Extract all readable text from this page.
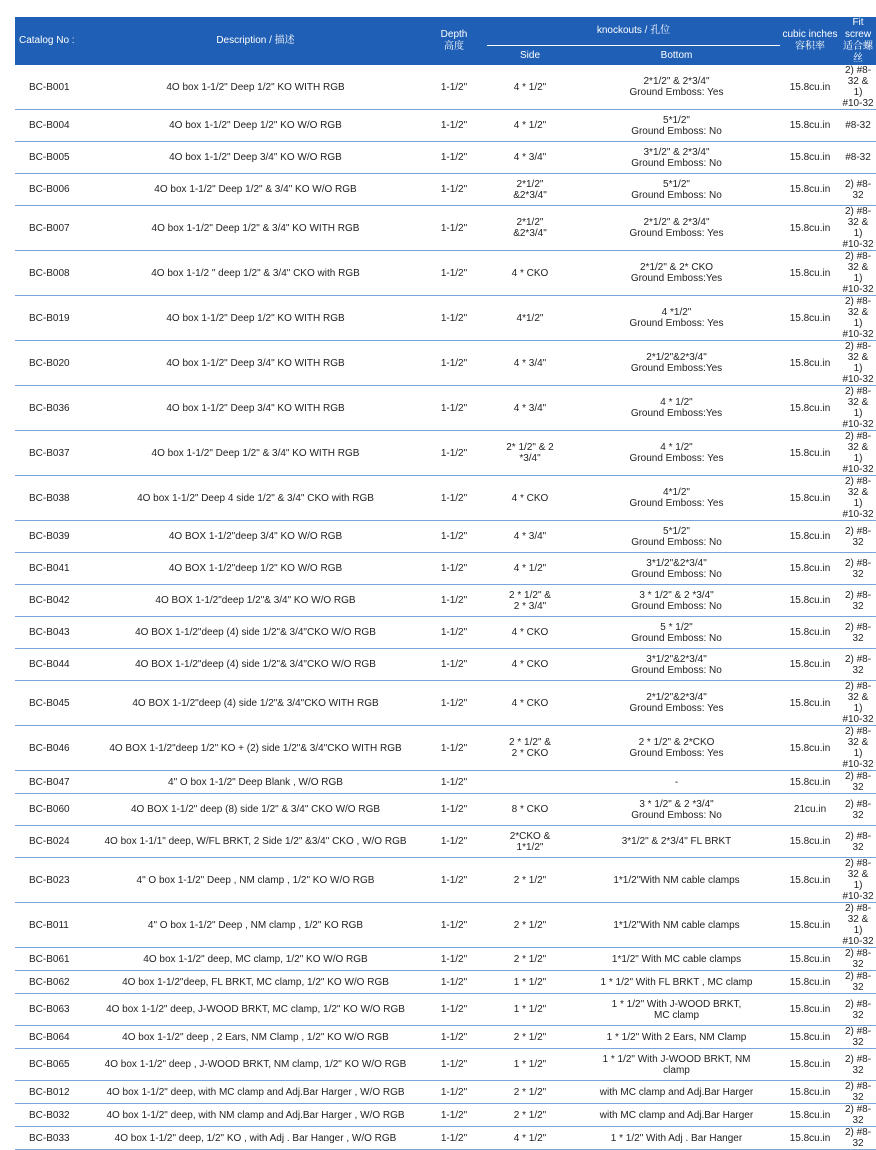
Catalog No :	Description / 描述	Depth
高度	knockouts / 孔位		cubic inches
容积率	Fit screw
适合螺丝

			Side	Bottom		
BC-B001	4O box 1-1/2" Deep 1/2" KO WITH RGB	1-1/2"	4 * 1/2"	2*1/2" & 2*3/4"
Ground Emboss: Yes	15.8cu.in	2) #8-32 & 1)
#10-32

BC-B004	4O box 1-1/2" Deep 1/2" KO W/O RGB	1-1/2"	4 * 1/2"	5*1/2"
Ground Emboss: No	15.8cu.in	#8-32

BC-B005	4O box 1-1/2" Deep 3/4" KO W/O RGB	1-1/2"	4 * 3/4"	3*1/2" & 2*3/4"
Ground Emboss: No	15.8cu.in	#8-32

BC-B006	4O box 1-1/2" Deep 1/2" & 3/4" KO W/O RGB	1-1/2"	2*1/2"
&2*3/4"	5*1/2"
Ground Emboss: No	15.8cu.in	2) #8-32

BC-B007	4O box 1-1/2" Deep 1/2" & 3/4" KO WITH RGB	1-1/2"	2*1/2"
&2*3/4"	2*1/2" & 2*3/4"
Ground Emboss: Yes	15.8cu.in	2) #8-32 & 1)
#10-32

BC-B008	4O box 1-1/2 " deep 1/2" & 3/4" CKO with RGB	1-1/2"	4 * CKO	2*1/2" & 2* CKO
Ground Emboss:Yes	15.8cu.in	2) #8-32 & 1)
#10-32

BC-B019	4O box 1-1/2" Deep 1/2" KO WITH RGB	1-1/2"	4*1/2"	4 *1/2"
Ground Emboss: Yes	15.8cu.in	2) #8-32 & 1)
#10-32

BC-B020	4O box 1-1/2" Deep 3/4" KO WITH RGB	1-1/2"	4 * 3/4"	2*1/2"&2*3/4"
Ground Emboss:Yes	15.8cu.in	2) #8-32 & 1)
#10-32

BC-B036	4O box 1-1/2" Deep 3/4" KO WITH RGB	1-1/2"	4 * 3/4"	4 * 1/2"
Ground Emboss:Yes	15.8cu.in	2) #8-32 & 1)
#10-32

BC-B037	4O box 1-1/2" Deep 1/2" & 3/4" KO WITH RGB	1-1/2"	2* 1/2" & 2
*3/4"	4 * 1/2"
Ground Emboss: Yes	15.8cu.in	2) #8-32 & 1)
#10-32

BC-B038	4O box 1-1/2" Deep 4 side 1/2" & 3/4" CKO with RGB	1-1/2"	4 * CKO	4*1/2"
Ground Emboss: Yes	15.8cu.in	2) #8-32 & 1)
#10-32

BC-B039	4O BOX 1-1/2"deep 3/4" KO W/O RGB	1-1/2"	4 * 3/4"	5*1/2"
Ground Emboss: No	15.8cu.in	2) #8-32

BC-B041	4O BOX 1-1/2"deep 1/2" KO W/O RGB	1-1/2"	4 * 1/2"	3*1/2"&2*3/4"
Ground Emboss: No	15.8cu.in	2) #8-32

BC-B042	4O BOX 1-1/2"deep 1/2"& 3/4" KO W/O RGB	1-1/2"	2 * 1/2" &
2 * 3/4"	3 * 1/2" & 2 *3/4"
Ground Emboss: No	15.8cu.in	2) #8-32

BC-B043	4O BOX 1-1/2"deep (4) side 1/2"& 3/4"CKO W/O RGB	1-1/2"	4 * CKO	5 * 1/2"
Ground Emboss: No	15.8cu.in	2) #8-32

BC-B044	4O BOX 1-1/2"deep (4) side 1/2"& 3/4"CKO W/O RGB	1-1/2"	4 * CKO	3*1/2"&2*3/4"
Ground Emboss: No	15.8cu.in	2) #8-32

BC-B045	4O BOX 1-1/2"deep (4) side 1/2"& 3/4"CKO WITH RGB	1-1/2"	4 * CKO	2*1/2"&2*3/4"
Ground Emboss: Yes	15.8cu.in	2) #8-32 & 1)
#10-32

BC-B046	4O BOX 1-1/2"deep 1/2" KO + (2) side 1/2"& 3/4"CKO WITH RGB	1-1/2"	2 * 1/2" &
2 * CKO	2 * 1/2" & 2*CKO
Ground Emboss: Yes	15.8cu.in	2) #8-32 & 1)
#10-32

BC-B047	4" O box 1-1/2" Deep Blank , W/O RGB	1-1/2"		-	15.8cu.in	2) #8-32

BC-B060	4O BOX 1-1/2" deep (8) side 1/2" & 3/4" CKO W/O RGB	1-1/2"	8 * CKO	3 * 1/2" & 2 *3/4"
Ground Emboss: No	21cu.in	2) #8-32

BC-B024	4O box 1-1/1" deep, W/FL BRKT, 2 Side 1/2" &3/4" CKO , W/O RGB	1-1/2"	2*CKO &
1*1/2"	3*1/2" & 2*3/4" FL BRKT	15.8cu.in	2) #8-32

BC-B023	4" O box 1-1/2" Deep , NM clamp , 1/2" KO W/O RGB	1-1/2"	2 * 1/2"	1*1/2"With NM cable clamps	15.8cu.in	2) #8-32 & 1)
#10-32

BC-B011	4" O box 1-1/2" Deep , NM clamp , 1/2" KO RGB	1-1/2"	2 * 1/2"	1*1/2"With NM cable clamps	15.8cu.in	2) #8-32 & 1)
#10-32

BC-B061	4O box 1-1/2" deep, MC clamp, 1/2" KO W/O RGB	1-1/2"	2 * 1/2"	1*1/2" With MC cable clamps	15.8cu.in	2) #8-32

BC-B062	4O box 1-1/2"deep, FL BRKT, MC clamp, 1/2" KO W/O RGB	1-1/2"	1 * 1/2"	1 * 1/2" With FL BRKT , MC clamp	15.8cu.in	2) #8-32

BC-B063	4O box 1-1/2" deep, J-WOOD BRKT, MC clamp, 1/2" KO W/O RGB	1-1/2"	1 * 1/2"	1 * 1/2" With J-WOOD BRKT,
MC clamp	15.8cu.in	2) #8-32

BC-B064	4O box 1-1/2" deep , 2 Ears, NM Clamp , 1/2" KO W/O RGB	1-1/2"	2 * 1/2"	1 * 1/2" With 2 Ears, NM Clamp	15.8cu.in	2) #8-32

BC-B065	4O box 1-1/2" deep , J-WOOD BRKT, NM clamp, 1/2" KO W/O RGB	1-1/2"	1 * 1/2"	1 * 1/2" With J-WOOD BRKT, NM
clamp	15.8cu.in	2) #8-32

BC-B012	4O box 1-1/2" deep, with MC clamp and Adj.Bar Harger , W/O RGB	1-1/2"	2 * 1/2"	with MC clamp and Adj.Bar Harger	15.8cu.in	2) #8-32

BC-B032	4O box 1-1/2" deep, with NM clamp and Adj.Bar Harger , W/O RGB	1-1/2"	2 * 1/2"	with MC clamp and Adj.Bar Harger	15.8cu.in	2) #8-32

BC-B033	4O box 1-1/2" deep, 1/2" KO , with Adj . Bar Hanger , W/O RGB	1-1/2"	4 * 1/2"	1 * 1/2" With Adj . Bar Hanger	15.8cu.in	2) #8-32
